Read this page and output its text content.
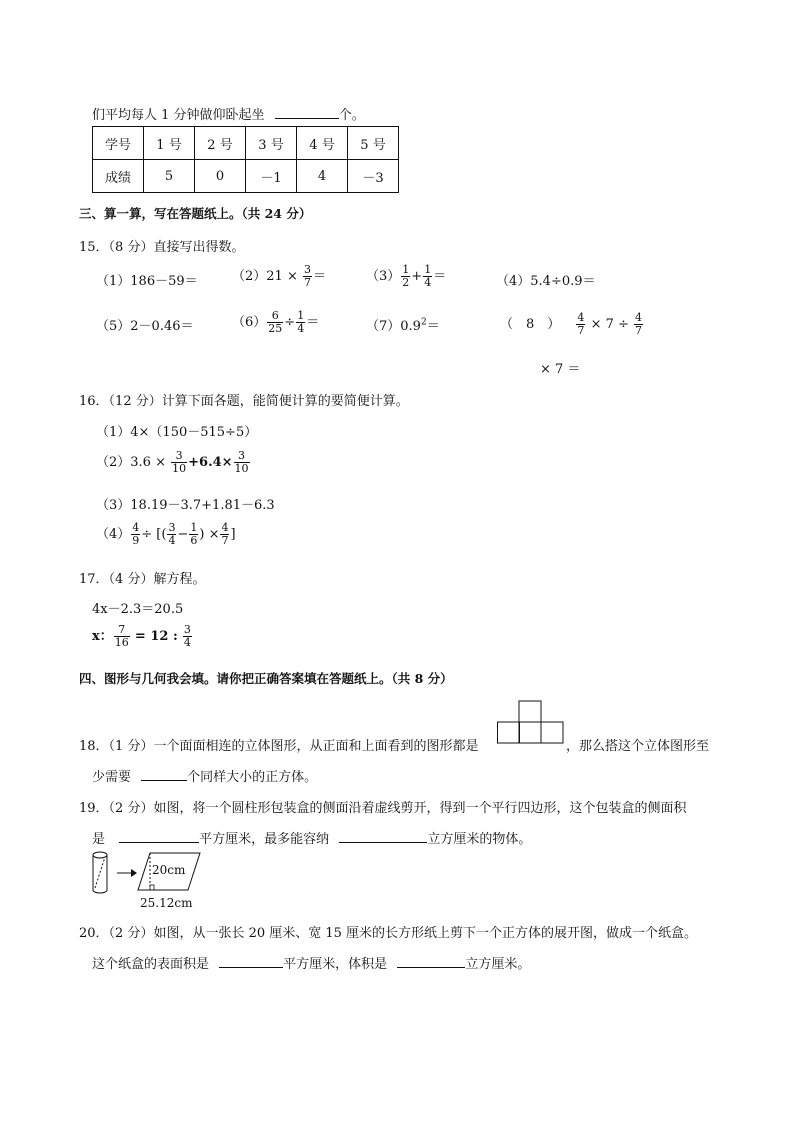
们平均每人 1 分钟做仰卧起坐	个。
学号	1 号	2 号	3 号	4 号	5 号
成绩	5	0	－1	4	－3
三、算一算，写在答题纸上。（共 24 分）
15．（8 分）直接写出得数。
（1）186－59＝	$(2)21 \times \frac{3}{7}$ ＝	$(3) \frac{1}{2} + \frac{1}{4}$ ＝	（4）5.4÷0.9＝
（5）2－0.46＝	$(6) \frac{6}{25} \div \frac{1}{4}$ ＝	$(7)0.9^2=$	（　8　） $\frac{4}{7} \times 7 \div \frac{4}{7}$
× 7 ＝
16．（12 分）计算下面各题，能简便计算的要简便计算。
（1）4×（150－515÷5）
$(2)3.6 \times \frac{3}{10} +6.4\times \frac{3}{10}$
（3）18.19－3.7+1.81－6.3
$(4) \frac{4}{9}$ ÷ [( $\frac{3}{4} - \frac{1}{6}$ ) × $\frac{4}{7}$ ]
17．（4 分）解方程。
4x－2.3＝20.5
x： $\frac{7}{16} = 12$ : $\frac{3}{4}$
四、图形与几何我会填。请你把正确答案填在答题纸上。（共 8 分）
18．（1 分）一个面面相连的立体图形，从正面和上面看到的图形都是	，那么搭这个立体图形至
少需要	个同样大小的正方体。
19．（2 分）如图，将一个圆柱形包装盒的侧面沿着虚线剪开，得到一个平行四边形，这个包装盒的侧面积
是	平方厘米，最多能容纳	立方厘米的物体。
20cm
25.12cm
20．（2 分）如图，从一张长 20 厘米、宽 15 厘米的长方形纸上剪下一个正方体的展开图，做成一个纸盒。
这个纸盒的表面积是	平方厘米，体积是	立方厘米。
